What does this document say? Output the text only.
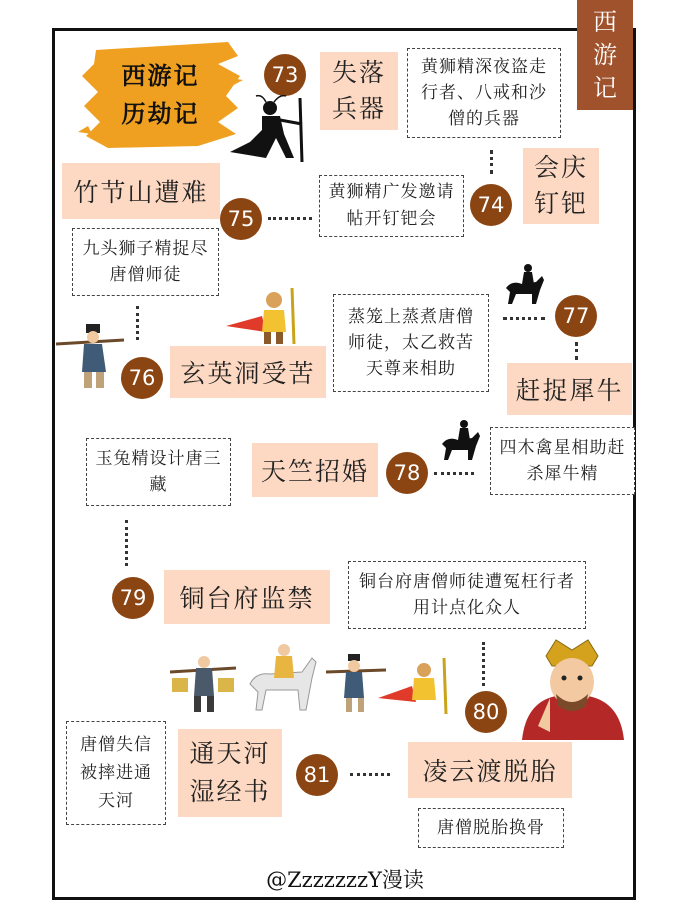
西
游
记
西游记
历劫记
73	失落兵器
黄狮精深夜盗走行者、八戒和沙僧的兵器
黄狮精广发邀请帖开钉钯会
74
会庆钉钯
竹节山遭难
75
九头狮子精捉尽唐僧师徒
76	玄英洞受苦
蒸笼上蒸煮唐僧师徒，太乙救苦天尊来相助
77
赶捉犀牛
玉兔精设计唐三藏	天竺招婚	78
四木禽星相助赶杀犀牛精
79	铜台府监禁
铜台府唐僧师徒遭冤枉行者用计点化众人
80
唐僧失信被摔进通天河
通天河湿经书
81	凌云渡脱胎
唐僧脱胎换骨
@ZzzzzzzY漫读
